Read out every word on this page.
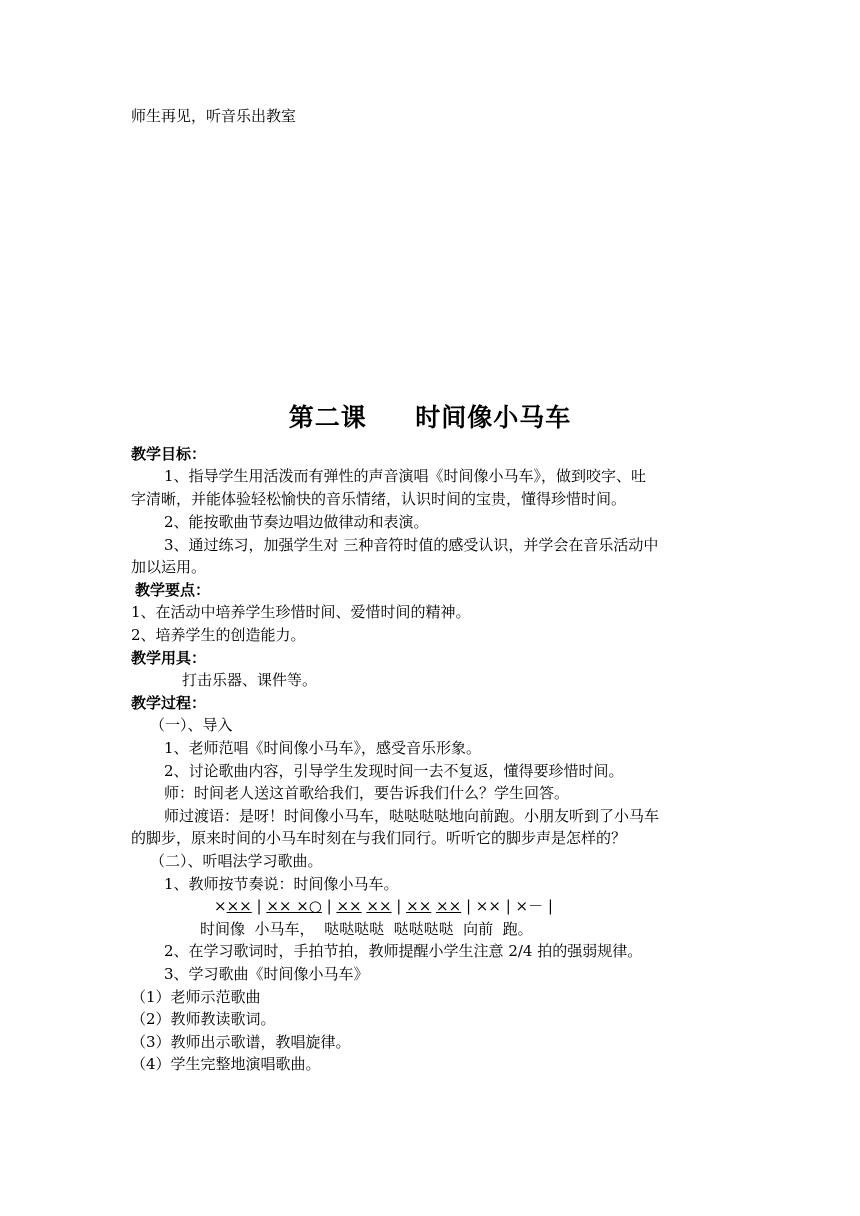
师生再见，听音乐出教室
第二课     时间像小马车
教学目标：
1、指导学生用活泼而有弹性的声音演唱《时间像小马车》，做到咬字、吐
字清晰，并能体验轻松愉快的音乐情绪，认识时间的宝贵，懂得珍惜时间。
2、能按歌曲节奏边唱边做律动和表演。
3、通过练习，加强学生对 三种音符时值的感受认识，并学会在音乐活动中
加以运用。
教学要点：
1、在活动中培养学生珍惜时间、爱惜时间的精神。
2、培养学生的创造能力。
教学用具：
打击乐器、课件等。
教学过程：
（一）、导入
1、老师范唱《时间像小马车》，感受音乐形象。
2、讨论歌曲内容，引导学生发现时间一去不复返，懂得要珍惜时间。
师：时间老人送这首歌给我们，要告诉我们什么？学生回答。
师过渡语：是呀！时间像小马车，哒哒哒哒地向前跑。小朋友听到了小马车
的脚步，原来时间的小马车时刻在与我们同行。听听它的脚步声是怎样的？
（二）、听唱法学习歌曲。
1、教师按节奏说：时间像小马车。
××× | ×× ×○ | ×× ×× | ×× ×× | ×× | ×－ |
时间像  小马车，  哒哒哒哒  哒哒哒哒  向前  跑。
2、在学习歌词时，手拍节拍，教师提醒小学生注意 2/4 拍的强弱规律。
3、学习歌曲《时间像小马车》
（1）老师示范歌曲
（2）教师教读歌词。
（3）教师出示歌谱，教唱旋律。
（4）学生完整地演唱歌曲。
